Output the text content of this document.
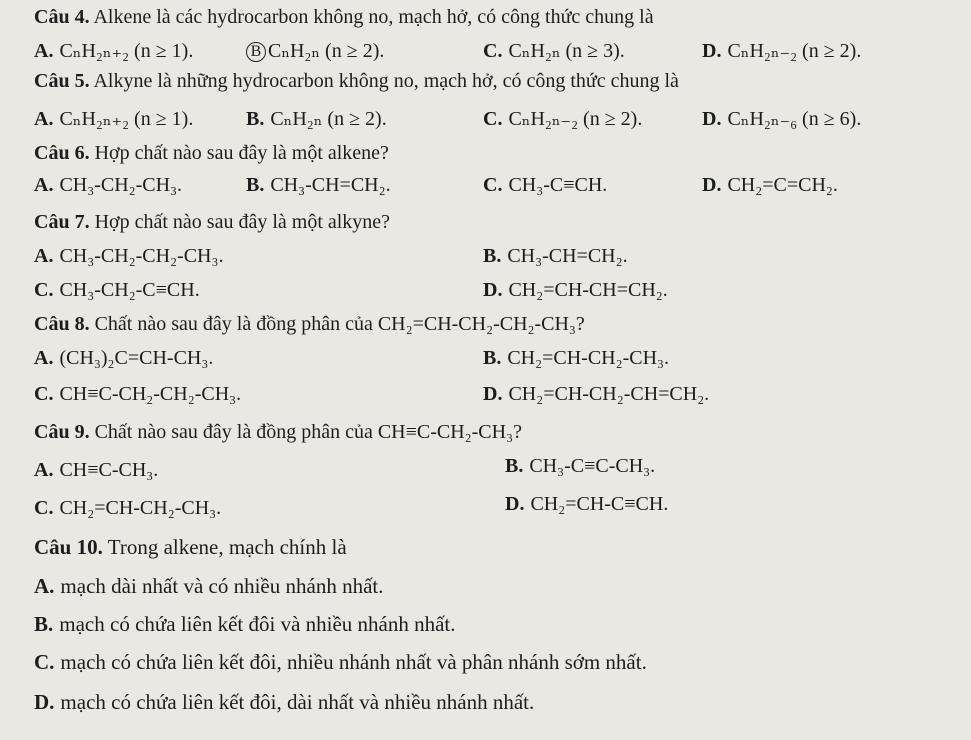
Câu 4. Alkene là các hydrocarbon không no, mạch hở, có công thức chung là
A. CₙH₂ₙ₊₂ (n ≥ 1).	B CₙH₂ₙ (n ≥ 2).	C. CₙH₂ₙ (n ≥ 3).	D. CₙH₂ₙ₋₂ (n ≥ 2).
Câu 5. Alkyne là những hydrocarbon không no, mạch hở, có công thức chung là
A. CₙH₂ₙ₊₂ (n ≥ 1).	B. CₙH₂ₙ (n ≥ 2).	C. CₙH₂ₙ₋₂ (n ≥ 2).	D. CₙH₂ₙ₋₆ (n ≥ 6).
Câu 6. Hợp chất nào sau đây là một alkene?
A. CH₃-CH₂-CH₃.	B. CH₃-CH=CH₂.	C. CH₃-C≡CH.	D. CH₂=C=CH₂.
Câu 7. Hợp chất nào sau đây là một alkyne?
A. CH₃-CH₂-CH₂-CH₃.	B. CH₃-CH=CH₂.
C. CH₃-CH₂-C≡CH.	D. CH₂=CH-CH=CH₂.
Câu 8. Chất nào sau đây là đồng phân của CH₂=CH-CH₂-CH₂-CH₃?
A. (CH₃)₂C=CH-CH₃.	B. CH₂=CH-CH₂-CH₃.
C. CH≡C-CH₂-CH₂-CH₃.	D. CH₂=CH-CH₂-CH=CH₂.
Câu 9. Chất nào sau đây là đồng phân của CH≡C-CH₂-CH₃?
A. CH≡C-CH₃.	B. CH₃-C≡C-CH₃.
C. CH₂=CH-CH₂-CH₃.	D. CH₂=CH-C≡CH.
Câu 10. Trong alkene, mạch chính là
A. mạch dài nhất và có nhiều nhánh nhất.
B. mạch có chứa liên kết đôi và nhiều nhánh nhất.
C. mạch có chứa liên kết đôi, nhiều nhánh nhất và phân nhánh sớm nhất.
D. mạch có chứa liên kết đôi, dài nhất và nhiều nhánh nhất.
